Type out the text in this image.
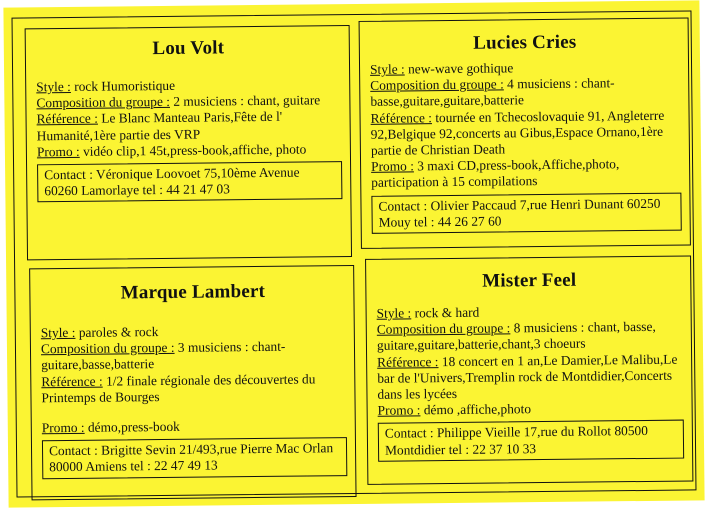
Lou Volt
Style : rock Humoristique
Composition du groupe : 2 musiciens : chant, guitare
Référence : Le Blanc Manteau Paris,Fête de l' Humanité,1ère partie des VRP
Promo : vidéo clip,1 45t,press-book,affiche, photo
Contact : Véronique Loovoet 75,10ème Avenue 60260 Lamorlaye tel : 44 21 47 03
Lucies Cries
Style : new-wave gothique
Composition du groupe : 4 musiciens : chant-basse,guitare,guitare,batterie
Référence : tournée en Tchecoslovaquie 91, Angleterre 92,Belgique 92,concerts au Gibus,Espace Ornano,1ère partie de Christian Death
Promo : 3 maxi CD,press-book,Affiche,photo, participation à 15 compilations
Contact : Olivier Paccaud 7,rue Henri Dunant 60250 Mouy tel : 44 26 27 60
Marque Lambert
Style : paroles & rock
Composition du groupe : 3 musiciens : chant-guitare,basse,batterie
Référence : 1/2 finale régionale des découvertes du Printemps de Bourges
Promo : démo,press-book
Contact : Brigitte Sevin 21/493,rue Pierre Mac Orlan 80000 Amiens tel : 22 47 49 13
Mister Feel
Style : rock & hard
Composition du groupe : 8 musiciens : chant, basse, guitare,guitare,batterie,chant,3 choeurs
Référence : 18 concert en 1 an,Le Damier,Le Malibu,Le bar de l'Univers,Tremplin rock de Montdidier,Concerts dans les lycées
Promo : démo ,affiche,photo
Contact : Philippe Vieille 17,rue du Rollot 80500 Montdidier tel : 22 37 10 33
